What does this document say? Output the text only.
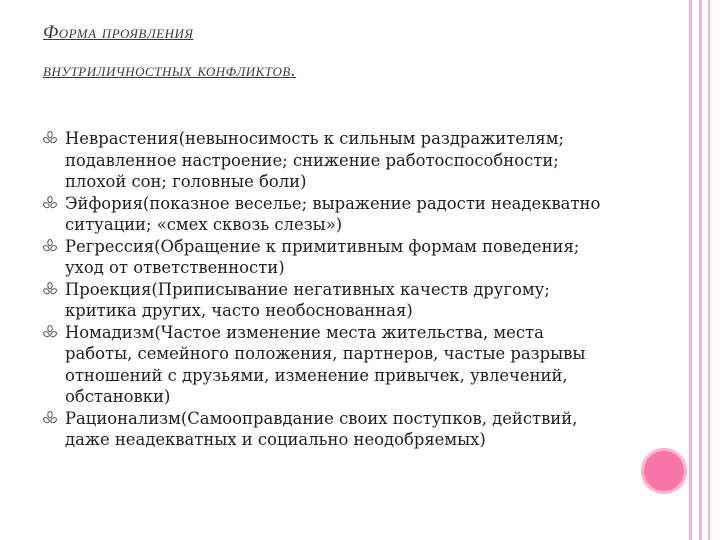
Форма проявления
внутриличностных конфликтов.
Неврастения(невыносимость к сильным раздражителям; подавленное настроение; снижение работоспособности; плохой сон; головные боли)
Эйфория(показное веселье; выражение радости неадекватно ситуации; «смех сквозь слезы»)
Регрессия(Обращение к примитивным формам поведения; уход от ответственности)
Проекция(Приписывание негативных качеств другому; критика других, часто необоснованная)
Номадизм(Частое изменение места жительства, места работы, семейного положения, партнеров, частые разрывы отношений с друзьями, изменение привычек, увлечений, обстановки)
Рационализм(Самооправдание своих поступков, действий, даже неадекватных и социально неодобряемых)
